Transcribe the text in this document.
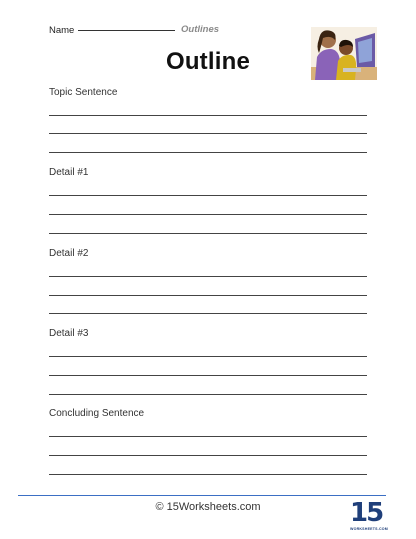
Name	Outlines
Outline
Topic Sentence
Detail #1
Detail #2
Detail #3
Concluding Sentence
© 15Worksheets.com	15
WORKSHEETS.COM
